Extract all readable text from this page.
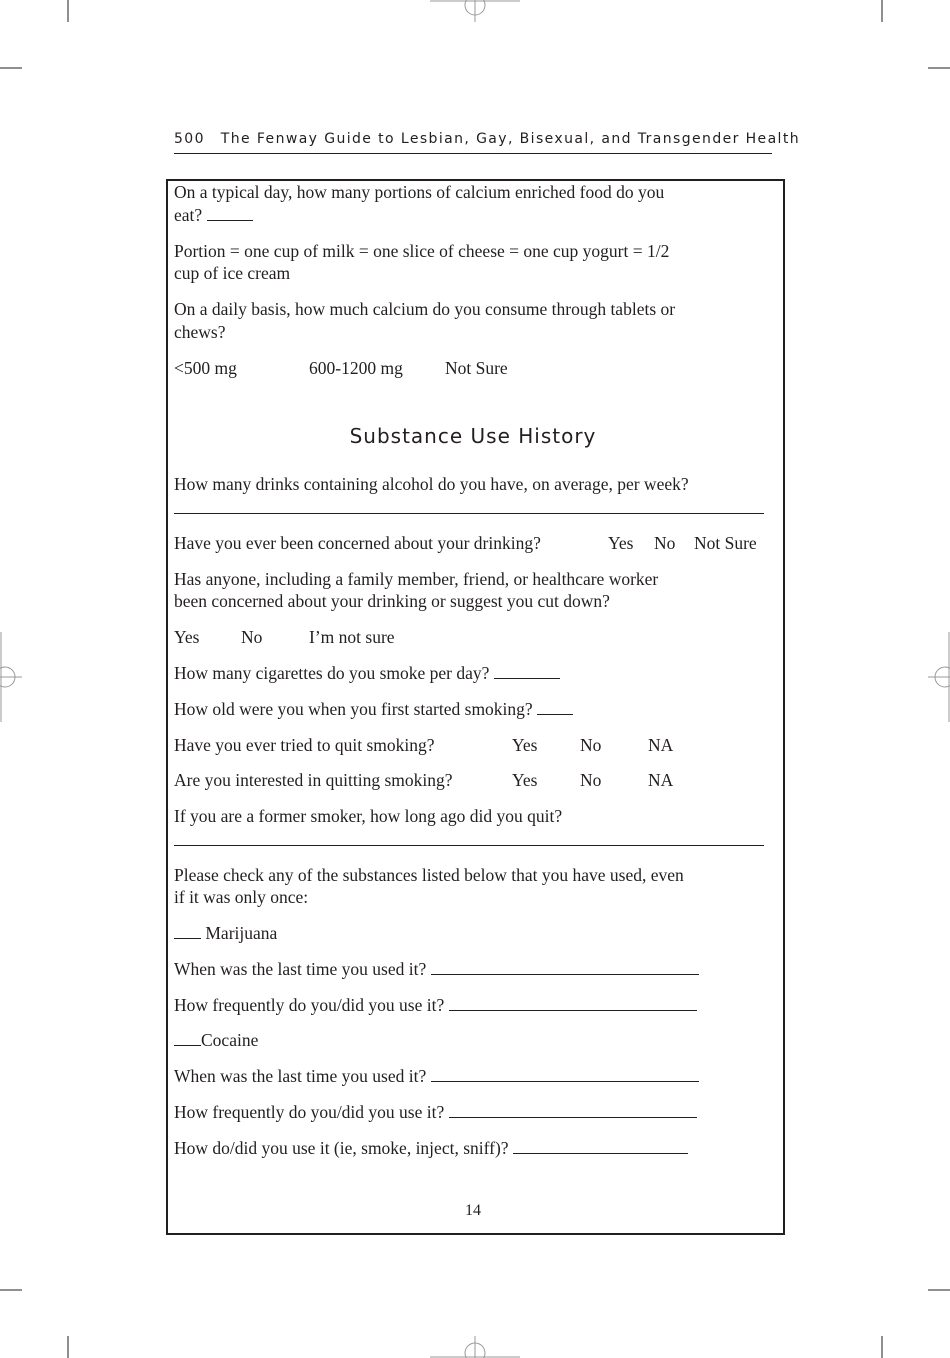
500 The Fenway Guide to Lesbian, Gay, Bisexual, and Transgender Health

On a typical day, how many portions of calcium enriched food do you

eat?

Portion = one cup of milk = one slice of cheese = one cup yogurt = 1/2

cup of ice cream

On a daily basis, how much calcium do you consume through tablets or

chews?

<500 mg	600-1200 mg Not Sure
Substance Use History

How many drinks containing alcohol do you have, on average, per week?

Have you ever been concerned about your drinking?	Yes No Not Sure

Has anyone, including a family member, friend, or healthcare worker

been concerned about your drinking or suggest you cut down?

Yes No	I’m not sure

How many cigarettes do you smoke per day?

How old were you when you first started smoking?

Have you ever tried to quit smoking?	Yes No	NA
Are you interested in quitting smoking?	Yes No	NA

If you are a former smoker, how long ago did you quit?

Please check any of the substances listed below that you have used, even

if it was only once:

Marijuana

When was the last time you used it?

How frequently do you/did you use it?

Cocaine

When was the last time you used it?

How frequently do you/did you use it?

How do/did you use it (ie, smoke, inject, sniff)?

14
